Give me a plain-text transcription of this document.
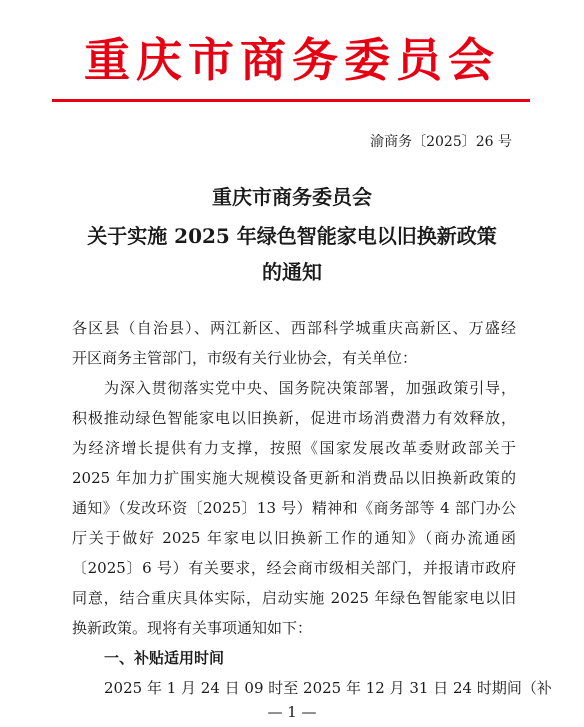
重庆市商务委员会
渝商务〔2025〕26 号
重庆市商务委员会
关于实施 2025 年绿色智能家电以旧换新政策
的通知
各区县（自治县）、两江新区、西部科学城重庆高新区、万盛经
开区商务主管部门，市级有关行业协会，有关单位：
为深入贯彻落实党中央、国务院决策部署，加强政策引导，
积极推动绿色智能家电以旧换新，促进市场消费潜力有效释放，
为经济增长提供有力支撑，按照《国家发展改革委财政部关于
2025 年加力扩围实施大规模设备更新和消费品以旧换新政策的
通知》（发改环资〔2025〕13 号）精神和《商务部等 4 部门办公
厅关于做好 2025 年家电以旧换新工作的通知》（商办流通函
〔2025〕6 号）有关要求，经会商市级相关部门，并报请市政府
同意，结合重庆具体实际，启动实施 2025 年绿色智能家电以旧
换新政策。现将有关事项通知如下：
一、补贴适用时间
2025 年 1 月 24 日 09 时至 2025 年 12 月 31 日 24 时期间（补
— 1 —
